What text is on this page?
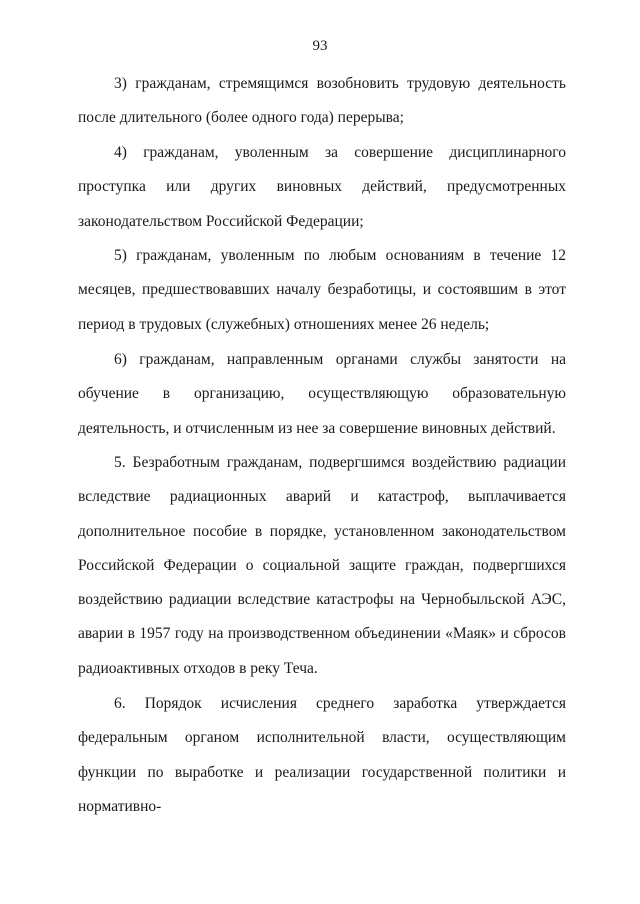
93

3) гражданам, стремящимся возобновить трудовую деятельность после длительного (более одного года) перерыва;

4) гражданам, уволенным за совершение дисциплинарного проступка или других виновных действий, предусмотренных законодательством Российской Федерации;

5) гражданам, уволенным по любым основаниям в течение 12 месяцев, предшествовавших началу безработицы, и состоявшим в этот период в трудовых (служебных) отношениях менее 26 недель;

6) гражданам, направленным органами службы занятости на обучение в организацию, осуществляющую образовательную деятельность, и отчисленным из нее за совершение виновных действий.

5. Безработным гражданам, подвергшимся воздействию радиации вследствие радиационных аварий и катастроф, выплачивается дополнительное пособие в порядке, установленном законодательством Российской Федерации о социальной защите граждан, подвергшихся воздействию радиации вследствие катастрофы на Чернобыльской АЭС, аварии в 1957 году на производственном объединении «Маяк» и сбросов радиоактивных отходов в реку Теча.

6. Порядок исчисления среднего заработка утверждается федеральным органом исполнительной власти, осуществляющим функции по выработке и реализации государственной политики и нормативно-
